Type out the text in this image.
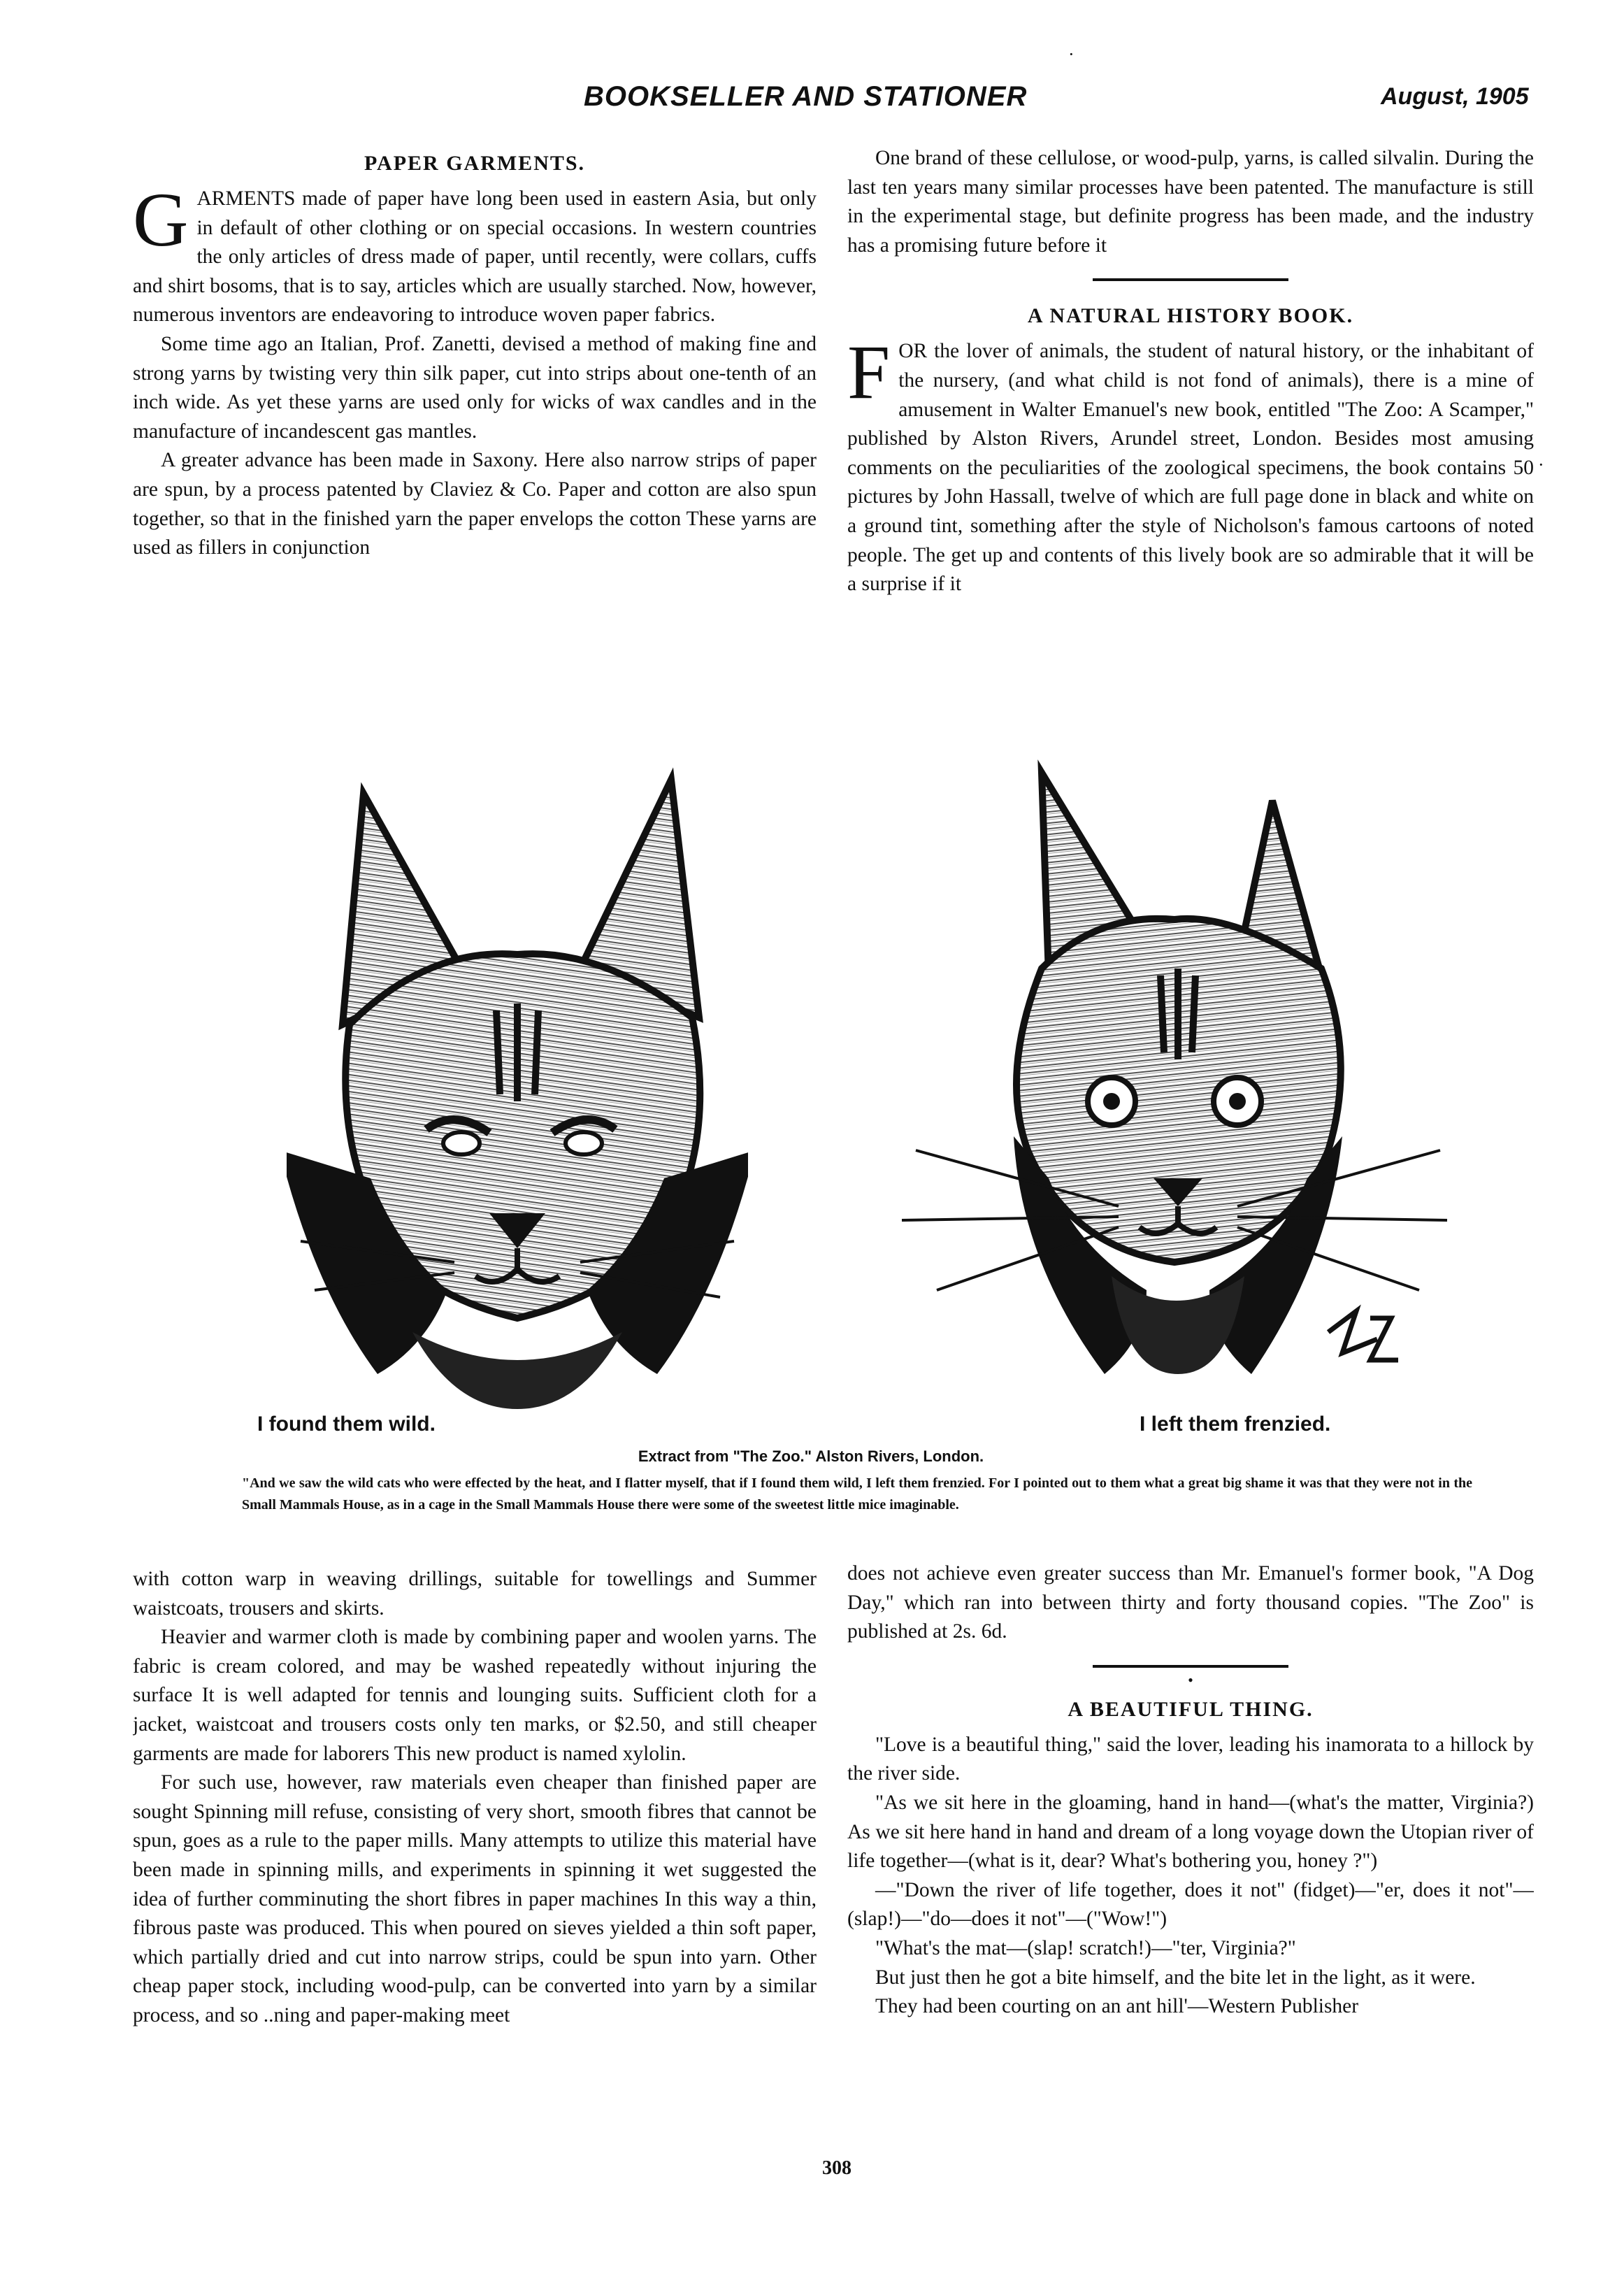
BOOKSELLER AND STATIONER	August, 1905
PAPER GARMENTS.

GARMENTS made of paper have long been used in eastern Asia, but only in default of other clothing or on special occasions. In western countries the only articles of dress made of paper, until recently, were collars, cuffs and shirt bosoms, that is to say, articles which are usually starched. Now, however, numerous inventors are endeavoring to introduce woven paper fabrics.

Some time ago an Italian, Prof. Zanetti, devised a method of making fine and strong yarns by twisting very thin silk paper, cut into strips about one-tenth of an inch wide. As yet these yarns are used only for wicks of wax candles and in the manufacture of incandescent gas mantles.

A greater advance has been made in Saxony. Here also narrow strips of paper are spun, by a process patented by Claviez & Co. Paper and cotton are also spun together, so that in the finished yarn the paper envelops the cotton These yarns are used as fillers in conjunction

One brand of these cellulose, or wood-pulp, yarns, is called silvalin. During the last ten years many similar processes have been patented. The manufacture is still in the experimental stage, but definite progress has been made, and the industry has a promising future before it

A NATURAL HISTORY BOOK.

FOR the lover of animals, the student of natural history, or the inhabitant of the nursery, (and what child is not fond of animals), there is a mine of amusement in Walter Emanuel's new book, entitled "The Zoo: A Scamper," published by Alston Rivers, Arundel street, London. Besides most amusing comments on the peculiarities of the zoological specimens, the book contains 50 pictures by John Hassall, twelve of which are full page done in black and white on a ground tint, something after the style of Nicholson's famous cartoons of noted people. The get up and contents of this lively book are so admirable that it will be a surprise if it

I found them wild.	I left them frenzied.
Extract from "The Zoo." Alston Rivers, London.
"And we saw the wild cats who were effected by the heat, and I flatter myself, that if I found them wild, I left them frenzied. For I pointed out to them what a great big shame it was that they were not in the Small Mammals House, as in a cage in the Small Mammals House there were some of the sweetest little mice imaginable.

with cotton warp in weaving drillings, suitable for towellings and Summer waistcoats, trousers and skirts.

Heavier and warmer cloth is made by combining paper and woolen yarns. The fabric is cream colored, and may be washed repeatedly without injuring the surface It is well adapted for tennis and lounging suits. Sufficient cloth for a jacket, waistcoat and trousers costs only ten marks, or $2.50, and still cheaper garments are made for laborers This new product is named xylolin.

For such use, however, raw materials even cheaper than finished paper are sought Spinning mill refuse, consisting of very short, smooth fibres that cannot be spun, goes as a rule to the paper mills. Many attempts to utilize this material have been made in spinning mills, and experiments in spinning it wet suggested the idea of further comminuting the short fibres in paper machines In this way a thin, fibrous paste was produced. This when poured on sieves yielded a thin soft paper, which partially dried and cut into narrow strips, could be spun into yarn. Other cheap paper stock, including wood-pulp, can be converted into yarn by a similar process, and so ..ning and paper-making meet

does not achieve even greater success than Mr. Emanuel's former book, "A Dog Day," which ran into between thirty and forty thousand copies. "The Zoo" is published at 2s. 6d.

•
A BEAUTIFUL THING.

"Love is a beautiful thing," said the lover, leading his inamorata to a hillock by the river side.

"As we sit here in the gloaming, hand in hand—(what's the matter, Virginia?) As we sit here hand in hand and dream of a long voyage down the Utopian river of life together—(what is it, dear? What's bothering you, honey ?")

—"Down the river of life together, does it not" (fidget)—"er, does it not"—(slap!)—"do—does it not"—("Wow!")

"What's the mat—(slap! scratch!)—"ter, Virginia?"

But just then he got a bite himself, and the bite let in the light, as it were.

They had been courting on an ant hill'—Western Publisher

308
·
·
